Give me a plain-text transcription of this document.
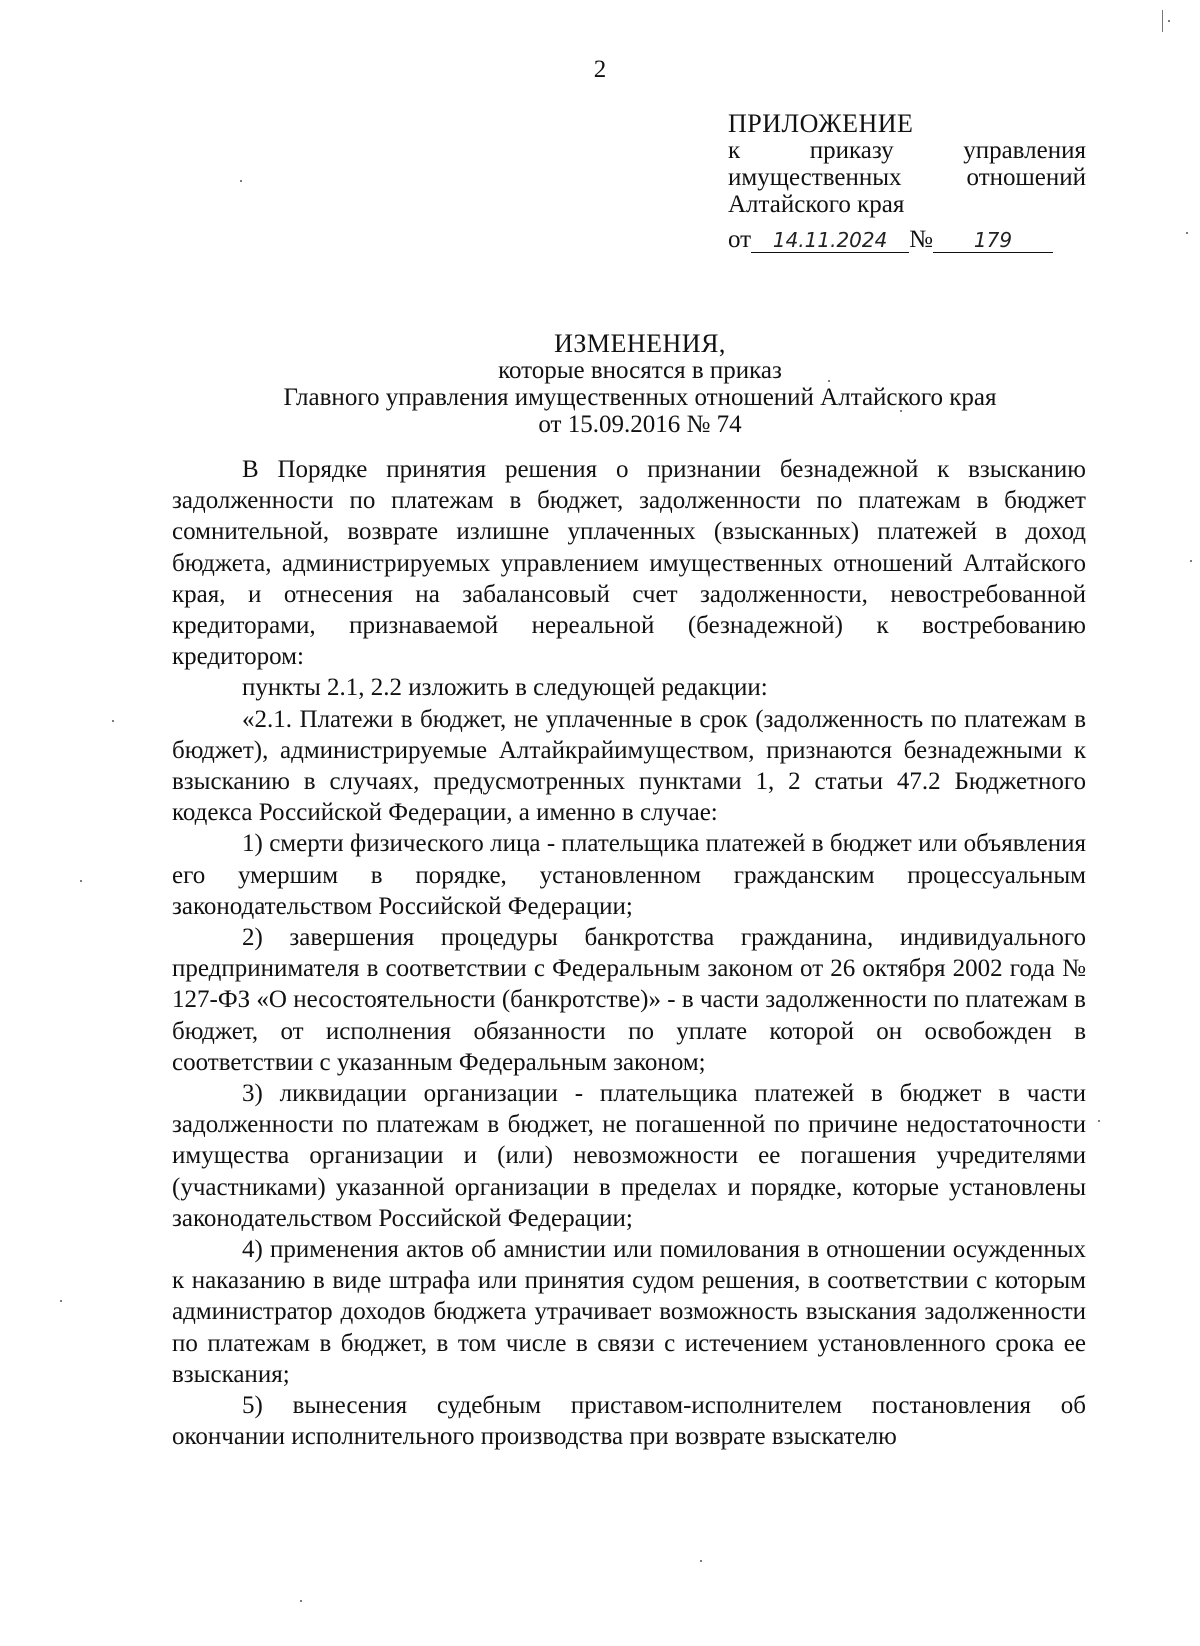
2
ПРИЛОЖЕНИЕ
к приказу управления
имущественных отношений
Алтайского края
от 14.11.2024 № 179
ИЗМЕНЕНИЯ,
которые вносятся в приказ
Главного управления имущественных отношений Алтайского края
от 15.09.2016 № 74

В Порядке принятия решения о признании безнадежной к взысканию задолженности по платежам в бюджет, задолженности по платежам в бюджет сомнительной, возврате излишне уплаченных (взысканных) платежей в доход бюджета, администрируемых управлением имущественных отношений Алтайского края, и отнесения на забалансовый счет задолженности, невостребованной кредиторами, признаваемой нереальной (безнадежной) к востребованию кредитором:

пункты 2.1, 2.2 изложить в следующей редакции:

«2.1. Платежи в бюджет, не уплаченные в срок (задолженность по платежам в бюджет), администрируемые Алтайкрайимуществом, признаются безнадежными к взысканию в случаях, предусмотренных пунктами 1, 2 статьи 47.2 Бюджетного кодекса Российской Федерации, а именно в случае:

1) смерти физического лица - плательщика платежей в бюджет или объявления его умершим в порядке, установленном гражданским процессуальным законодательством Российской Федерации;

2) завершения процедуры банкротства гражданина, индивидуального предпринимателя в соответствии с Федеральным законом от 26 октября 2002 года № 127-ФЗ «О несостоятельности (банкротстве)» - в части задолженности по платежам в бюджет, от исполнения обязанности по уплате которой он освобожден в соответствии с указанным Федеральным законом;

3) ликвидации организации - плательщика платежей в бюджет в части задолженности по платежам в бюджет, не погашенной по причине недостаточности имущества организации и (или) невозможности ее погашения учредителями (участниками) указанной организации в пределах и порядке, которые установлены законодательством Российской Федерации;

4) применения актов об амнистии или помилования в отношении осужденных к наказанию в виде штрафа или принятия судом решения, в соответствии с которым администратор доходов бюджета утрачивает возможность взыскания задолженности по платежам в бюджет, в том числе в связи с истечением установленного срока ее взыскания;

5) вынесения судебным приставом-исполнителем постановления об окончании исполнительного производства при возврате взыскателю
